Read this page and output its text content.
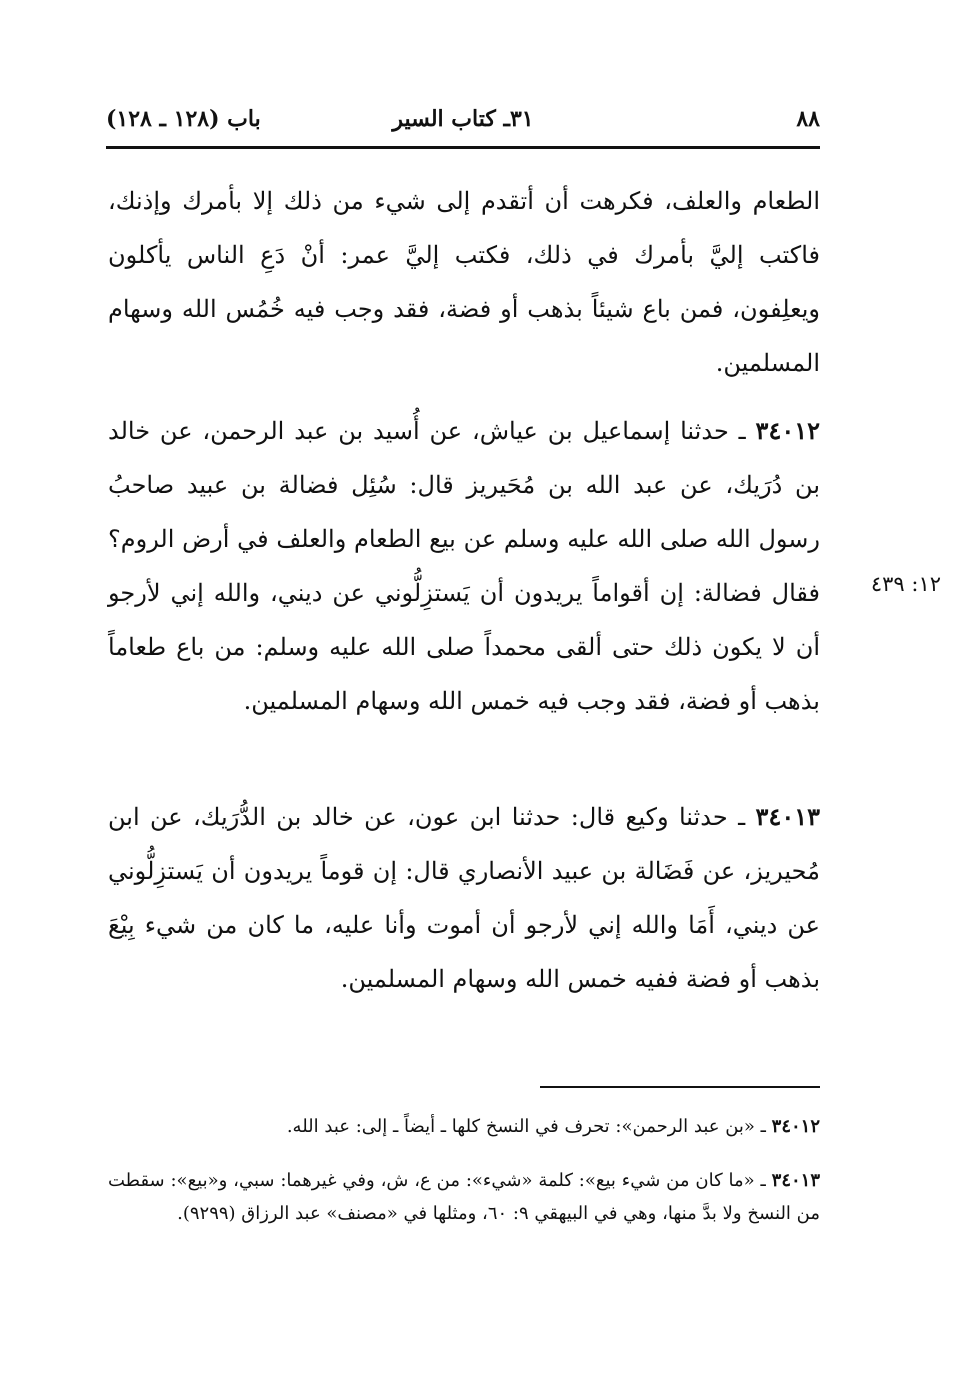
٨٨
٣١ـ كتاب السير
باب (١٢٨ ـ ١٢٨)
الطعام والعلف، فكرهت أن أتقدم إلى شيء من ذلك إلا بأمرك وإذنك، فاكتب إليَّ بأمرك في ذلك، فكتب إليَّ عمر: أنْ دَعِ الناس يأكلون ويعلِفون، فمن باع شيئاً بذهب أو فضة، فقد وجب فيه خُمُس الله وسهام المسلمين.
٣٤٠١٢ ـ حدثنا إسماعيل بن عياش، عن أُسيد بن عبد الرحمن، عن خالد بن دُرَيك، عن عبد الله بن مُحَيريز قال: سُئِل فضالة بن عبيد صاحبُ رسول الله صلى الله عليه وسلم عن بيع الطعام والعلف في أرض الروم؟ فقال فضالة: إن أقواماً يريدون أن يَستزِلُّوني عن ديني، والله إني لأرجو أن لا يكون ذلك حتى ألقى محمداً صلى الله عليه وسلم: من باع طعاماً بذهب أو فضة، فقد وجب فيه خمس الله وسهام المسلمين.
١٢: ٤٣٩
٣٤٠١٣ ـ حدثنا وكيع قال: حدثنا ابن عون، عن خالد بن الدُّرَيك، عن ابن مُحيريز، عن فَضَالة بن عبيد الأنصاري قال: إن قوماً يريدون أن يَستزِلُّوني عن ديني، أَمَا والله إني لأرجو أن أموت وأنا عليه، ما كان من شيء بِيْعَ بذهب أو فضة ففيه خمس الله وسهام المسلمين.
٣٤٠١٢ ـ «بن عبد الرحمن»: تحرف في النسخ كلها ـ أيضاً ـ إلى: عبد الله.
٣٤٠١٣ ـ «ما كان من شيء بيع»: كلمة «شيء»: من ع، ش، وفي غيرهما: سبي، و«بيع»: سقطت من النسخ ولا بدَّ منها، وهي في البيهقي ٩: ٦٠، ومثلها في «مصنف» عبد الرزاق (٩٢٩٩).
